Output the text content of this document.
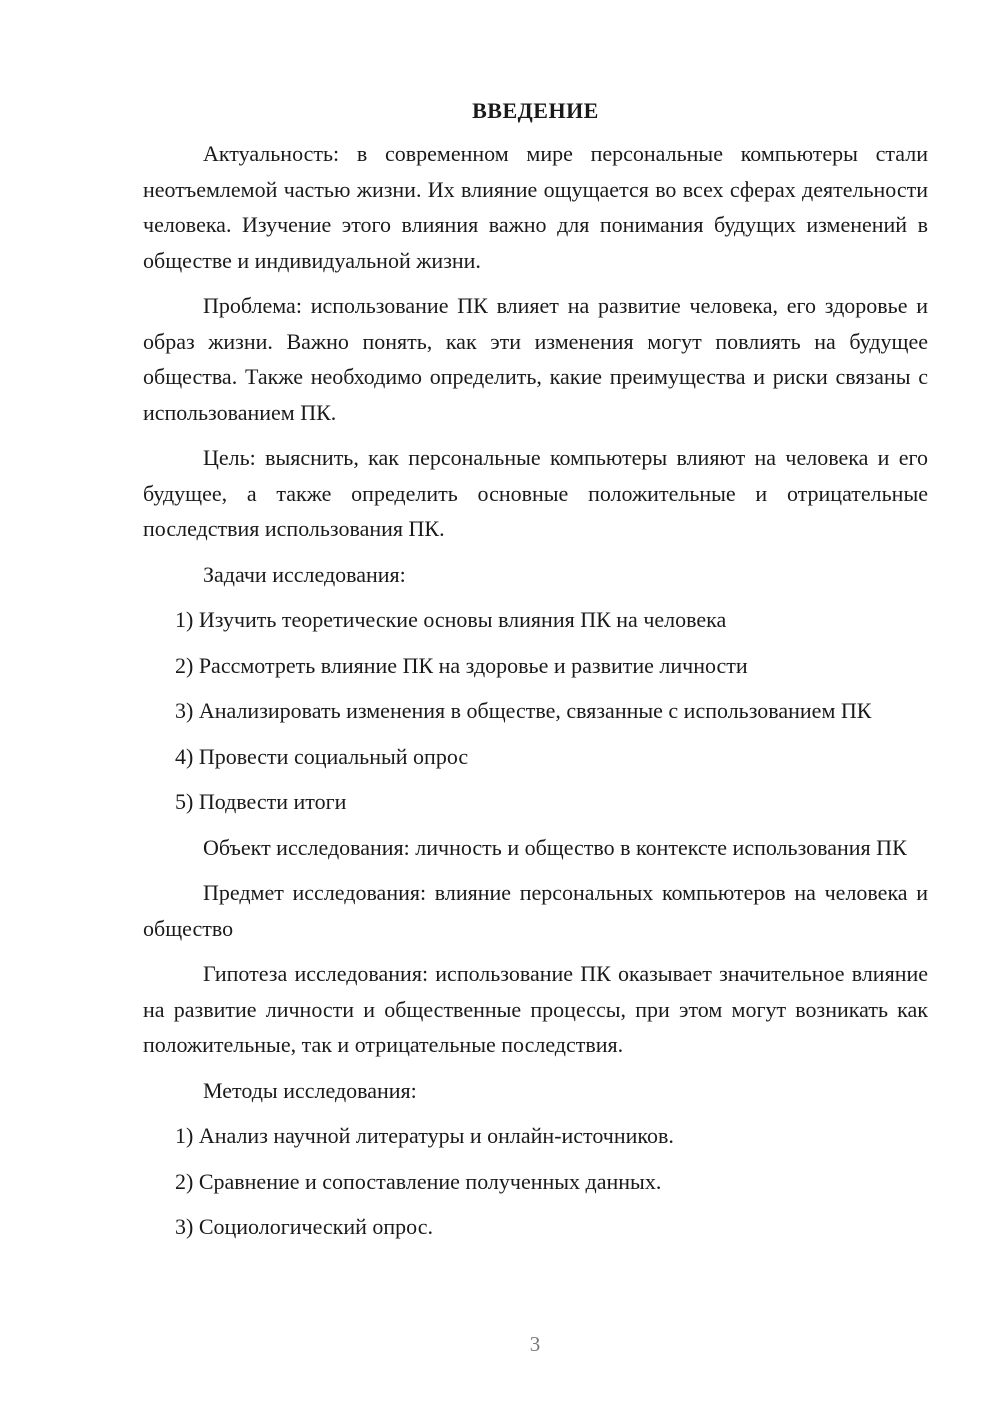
ВВЕДЕНИЕ
Актуальность: в современном мире персональные компьютеры стали неотъемлемой частью жизни. Их влияние ощущается во всех сферах деятельности человека. Изучение этого влияния важно для понимания будущих изменений в обществе и индивидуальной жизни.
Проблема: использование ПК влияет на развитие человека, его здоровье и образ жизни. Важно понять, как эти изменения могут повлиять на будущее общества. Также необходимо определить, какие преимущества и риски связаны с использованием ПК.
Цель: выяснить, как персональные компьютеры влияют на человека и его будущее, а также определить основные положительные и отрицательные последствия использования ПК.
Задачи исследования:
1) Изучить теоретические основы влияния ПК на человека
2) Рассмотреть влияние ПК на здоровье и развитие личности
3) Анализировать изменения в обществе, связанные с использованием ПК
4) Провести социальный опрос
5) Подвести итоги
Объект исследования: личность и общество в контексте использования ПК
Предмет исследования: влияние персональных компьютеров на человека и общество
Гипотеза исследования: использование ПК оказывает значительное влияние на развитие личности и общественные процессы, при этом могут возникать как положительные, так и отрицательные последствия.
Методы исследования:
1) Анализ научной литературы и онлайн-источников.
2) Сравнение и сопоставление полученных данных.
3) Социологический опрос.
3
